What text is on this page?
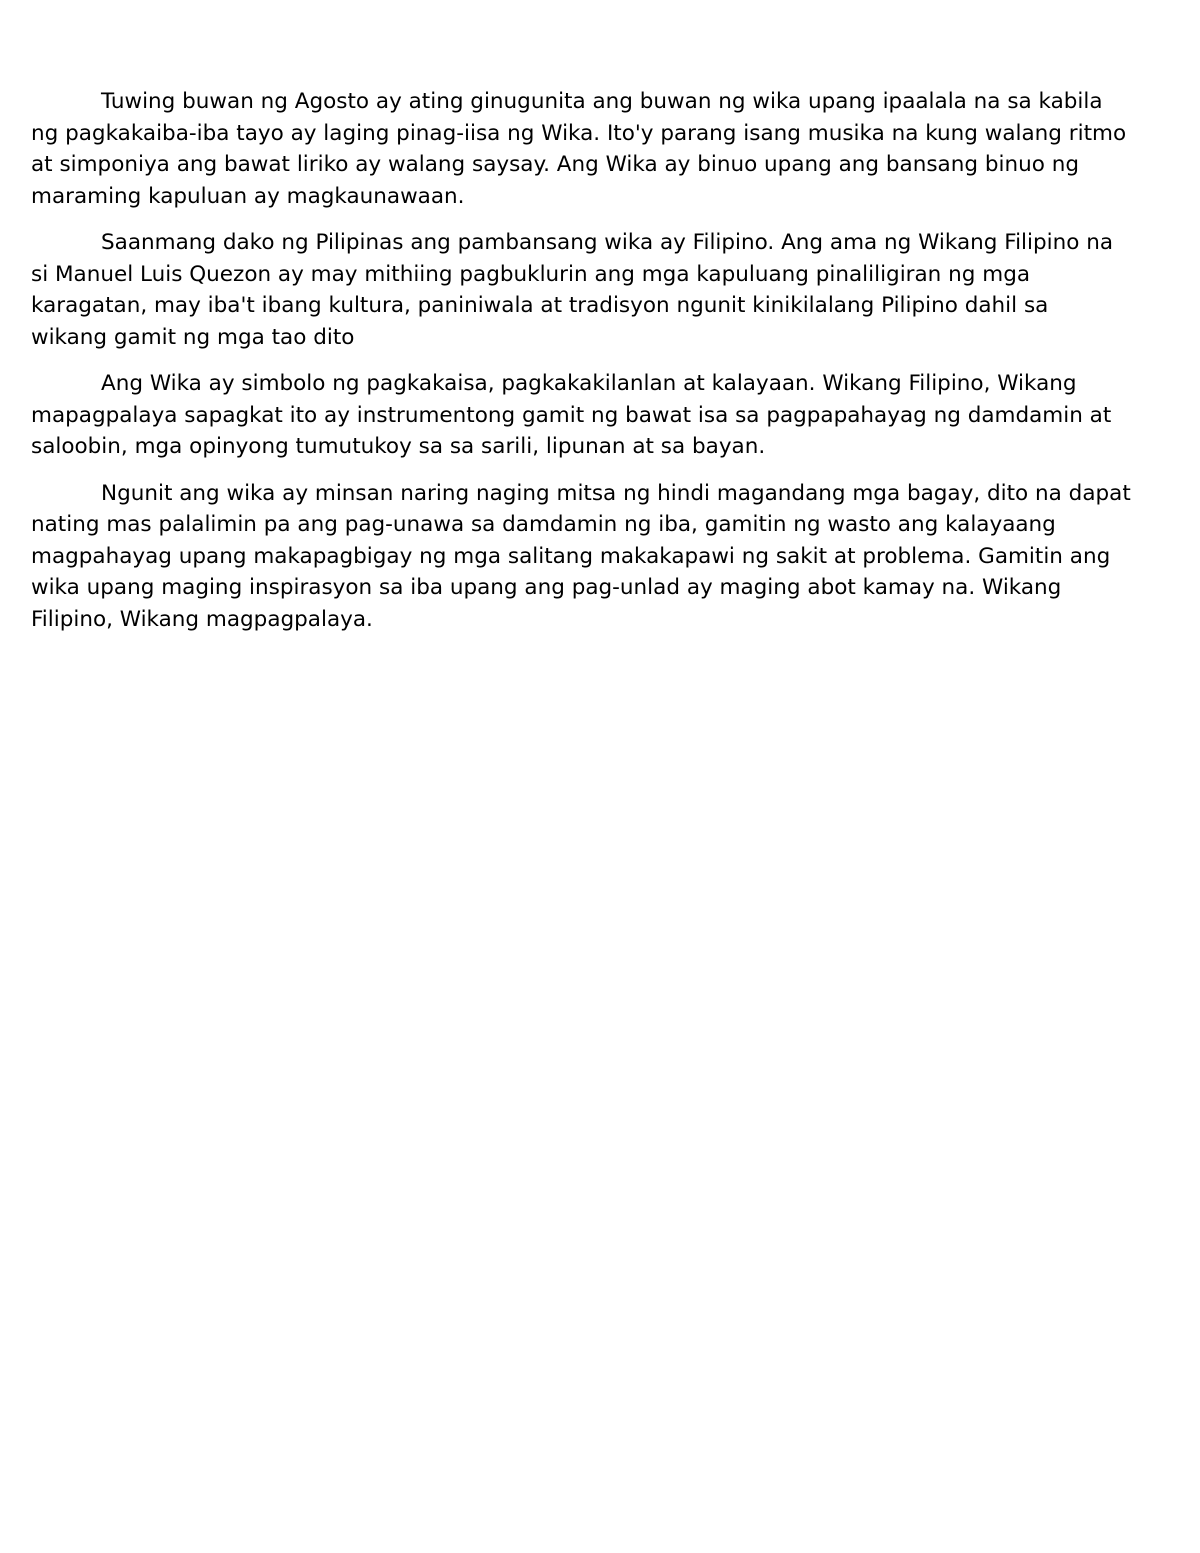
Tuwing buwan ng Agosto ay ating ginugunita ang buwan ng wika upang ipaalala na sa kabila ng pagkakaiba-iba tayo ay laging pinag-iisa ng Wika. Ito'y parang isang musika na kung walang ritmo at simponiya ang bawat liriko ay walang saysay. Ang Wika ay binuo upang ang bansang binuo ng maraming kapuluan ay magkaunawaan.

Saanmang dako ng Pilipinas ang pambansang wika ay Filipino. Ang ama ng Wikang Filipino na si Manuel Luis Quezon ay may mithiing pagbuklurin ang mga kapuluang pinaliligiran ng mga karagatan, may iba't ibang kultura, paniniwala at tradisyon ngunit kinikilalang Pilipino dahil sa wikang gamit ng mga tao dito

Ang Wika ay simbolo ng pagkakaisa, pagkakakilanlan at kalayaan. Wikang Filipino, Wikang mapagpalaya sapagkat ito ay instrumentong gamit ng bawat isa sa pagpapahayag ng damdamin at saloobin, mga opinyong tumutukoy sa sa sarili, lipunan at sa bayan.

Ngunit ang wika ay minsan naring naging mitsa ng hindi magandang mga bagay, dito na dapat nating mas palalimin pa ang pag-unawa sa damdamin ng iba, gamitin ng wasto ang kalayaang magpahayag upang makapagbigay ng mga salitang makakapawi ng sakit at problema. Gamitin ang wika upang maging inspirasyon sa iba upang ang pag-unlad ay maging abot kamay na. Wikang Filipino, Wikang magpagpalaya.
